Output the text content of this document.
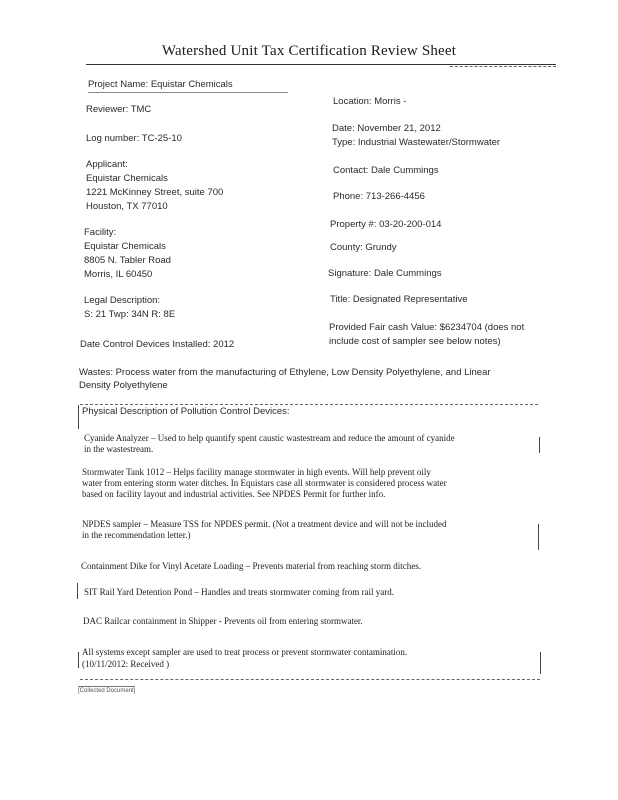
Watershed Unit Tax Certification Review Sheet
Project Name: Equistar Chemicals
Reviewer: TMC
Log number: TC-25-10
Applicant:
Equistar Chemicals
1221 McKinney Street, suite 700
Houston, TX 77010
Facility:
Equistar Chemicals
8805 N. Tabler Road
Morris, IL 60450
Legal Description:
S: 21 Twp: 34N R: 8E
Date Control Devices Installed: 2012
Location: Morris -
Date: November 21, 2012
Type: Industrial Wastewater/Stormwater
Contact: Dale Cummings
Phone: 713-266-4456
Property #: 03-20-200-014
County: Grundy
Signature: Dale Cummings
Title: Designated Representative
Provided Fair cash Value: $6234704 (does not
include cost of sampler see below notes)
Wastes: Process water from the manufacturing of Ethylene, Low Density Polyethylene, and Linear
Density Polyethylene
Physical Description of Pollution Control Devices:
Cyanide Analyzer – Used to help quantify spent caustic wastestream and reduce the amount of cyanide
in the wastestream.
Stormwater Tank 1012 – Helps facility manage stormwater in high events. Will help prevent oily
water from entering storm water ditches. In Equistars case all stormwater is considered process water
based on facility layout and industrial activities. See NPDES Permit for further info.
NPDES sampler – Measure TSS for NPDES permit. (Not a treatment device and will not be included
in the recommendation letter.)
Containment Dike for Vinyl Acetate Loading – Prevents material from reaching storm ditches.
SIT Rail Yard Detention Pond – Handles and treats stormwater coming from rail yard.
DAC Railcar containment in Shipper - Prevents oil from entering stormwater.
All systems except sampler are used to treat process or prevent stormwater contamination.
(10/11/2012: Received )
[Collected Document]
